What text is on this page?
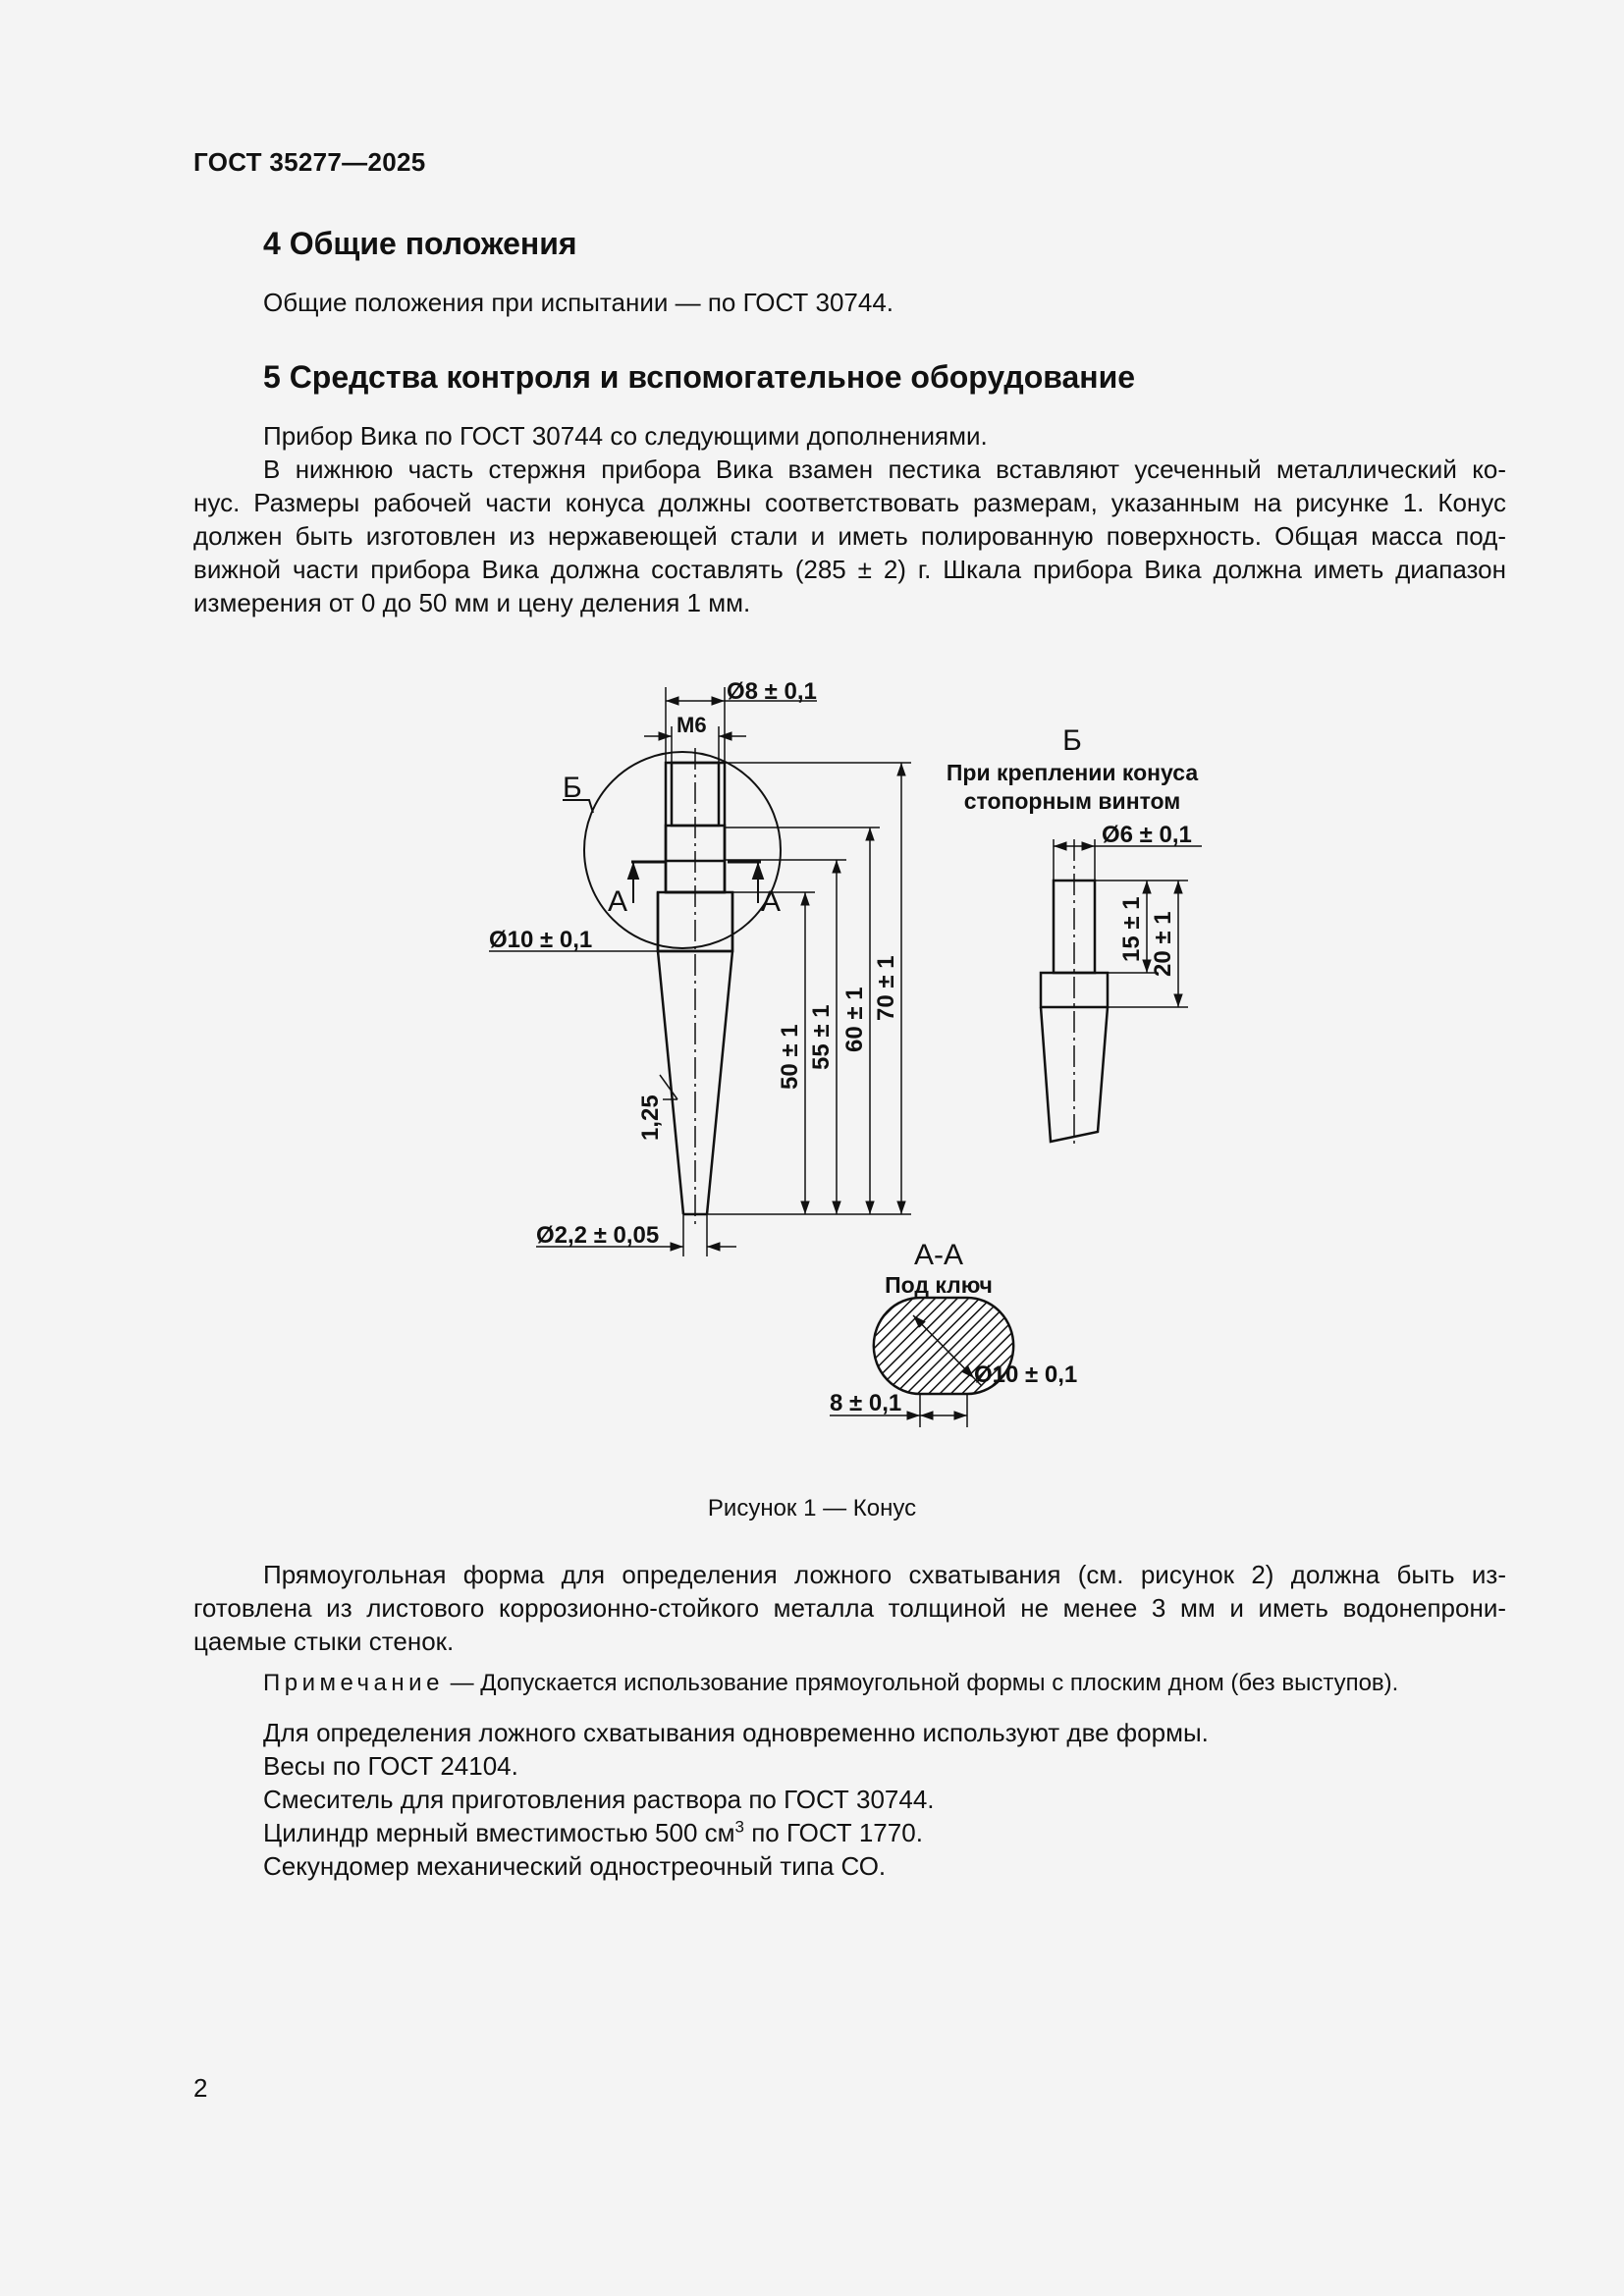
ГОСТ 35277—2025
4 Общие положения
Общие положения при испытании — по ГОСТ 30744.
5 Средства контроля и вспомогательное оборудование
Прибор Вика по ГОСТ 30744 со следующими дополнениями.
В нижнюю часть стержня прибора Вика взамен пестика вставляют усеченный металлический ко-
нус. Размеры рабочей части конуса должны соответствовать размерам, указанным на рисунке 1. Конус
должен быть изготовлен из нержавеющей стали и иметь полированную поверхность. Общая масса под-
вижной части прибора Вика должна составлять (285 ± 2) г. Шкала прибора Вика должна иметь диапазон
измерения от 0 до 50 мм и цену деления 1 мм.
Ø8 ± 0,1
M6
Б
А	А
Ø10 ± 0,1
1,25
Ø2,2 ± 0,05
50 ± 1 55 ± 1 60 ± 1 70 ± 1
Б
При креплении конуса
стопорным винтом
Ø6 ± 0,1
15 ± 1 20 ± 1
А-А
Под ключ
Ø10 ± 0,1
8 ± 0,1
Рисунок 1 — Конус
Прямоугольная форма для определения ложного схватывания (см. рисунок 2) должна быть из-
готовлена из листового коррозионно-стойкого металла толщиной не менее 3 мм и иметь водонепрони-
цаемые стыки стенок.
Примечание — Допускается использование прямоугольной формы с плоским дном (без выступов).
Для определения ложного схватывания одновременно используют две формы.
Весы по ГОСТ 24104.
Смеситель для приготовления раствора по ГОСТ 30744.
Цилиндр мерный вместимостью 500 $см^3$ по ГОСТ 1770.
Секундомер механический одностреочный типа СО.
2
